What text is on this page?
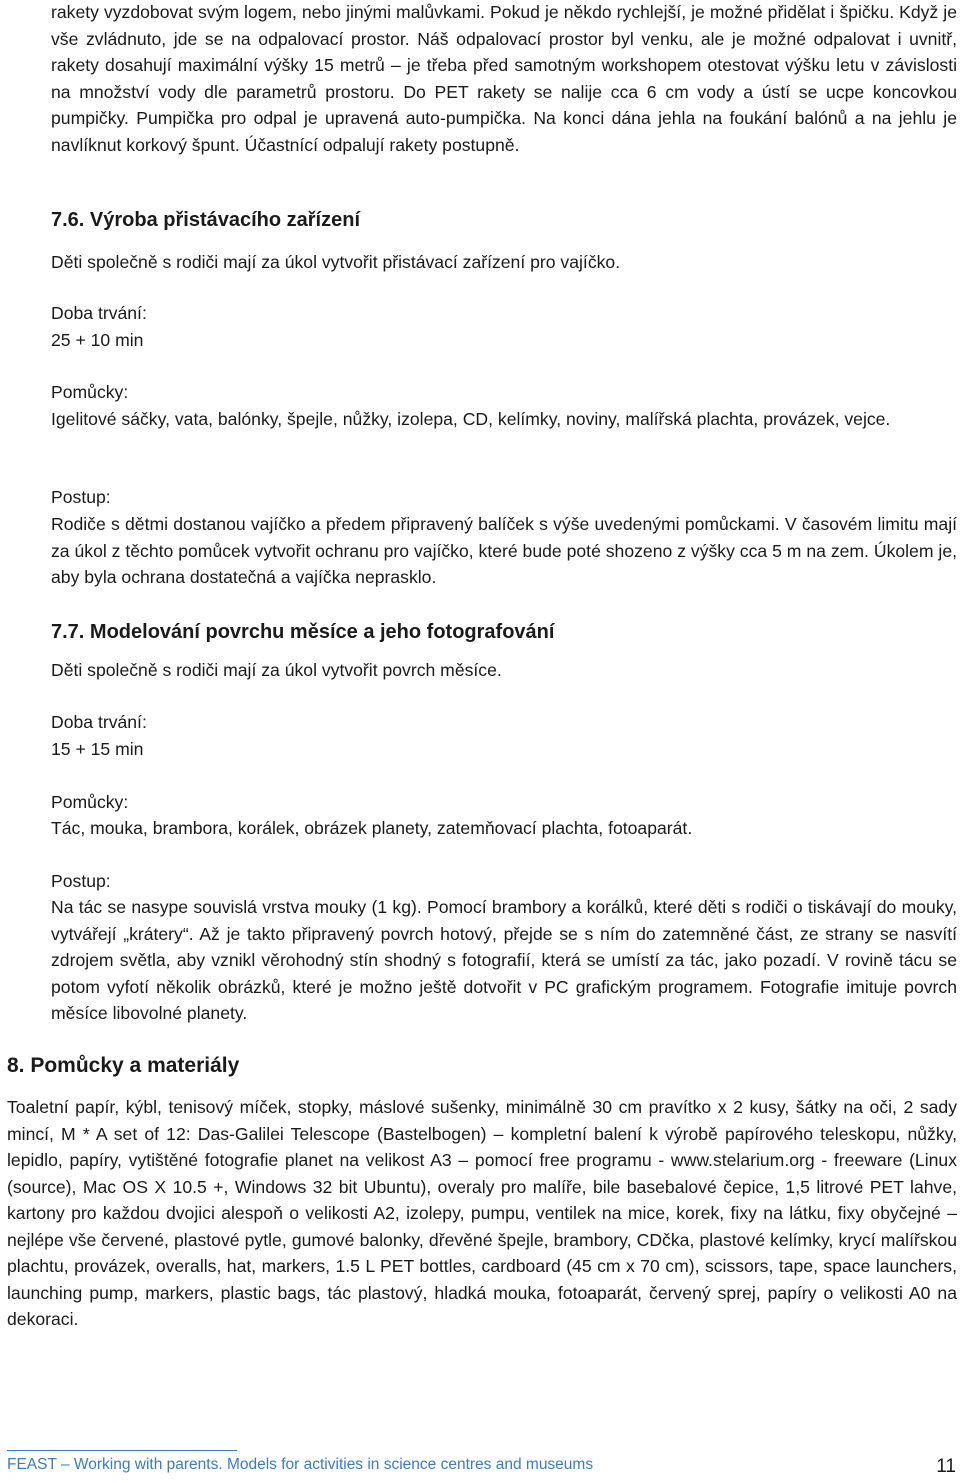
rakety vyzdobovat svým logem, nebo jinými malůvkami. Pokud je někdo rychlejší, je možné přidělat i špičku. Když je vše zvládnuto, jde se na odpalovací prostor. Náš odpalovací prostor byl venku, ale je možné odpalovat i uvnitř, rakety dosahují maximální výšky 15 metrů – je třeba před samotným workshopem otestovat výšku letu v závislosti na množství vody dle parametrů prostoru. Do PET rakety se nalije cca 6 cm vody a ústí se ucpe koncovkou pumpičky. Pumpička pro odpal je upravená auto-pumpička. Na konci dána jehla na foukání balónů a na jehlu je navlíknut korkový špunt. Účastnící odpalují rakety postupně.

7.6. Výroba přistávacího zařízení

Děti společně s rodiči mají za úkol vytvořit přistávací zařízení pro vajíčko.

Doba trvání:

25 + 10 min

Pomůcky:

Igelitové sáčky, vata, balónky, špejle, nůžky, izolepa, CD, kelímky, noviny, malířská plachta, provázek, vejce.

Postup:

Rodiče s dětmi dostanou vajíčko a předem připravený balíček s výše uvedenými pomůckami. V časovém limitu mají za úkol z těchto pomůcek vytvořit ochranu pro vajíčko, které bude poté shozeno z výšky cca 5 m na zem. Úkolem je, aby byla ochrana dostatečná a vajíčka neprasklo.

7.7. Modelování povrchu měsíce a jeho fotografování

Děti společně s rodiči mají za úkol vytvořit povrch měsíce.

Doba trvání:

15 + 15 min

Pomůcky:

Tác, mouka, brambora, korálek, obrázek planety, zatemňovací plachta, fotoaparát.

Postup:

Na tác se nasype souvislá vrstva mouky (1 kg). Pomocí brambory a korálků, které děti s rodiči o tiskávají do mouky, vytvářejí „krátery“. Až je takto připravený povrch hotový, přejde se s ním do zatemněné část, ze strany se nasvítí zdrojem světla, aby vznikl věrohodný stín shodný s fotografií, která se umístí za tác, jako pozadí. V rovině tácu se potom vyfotí několik obrázků, které je možno ještě dotvořit v PC grafickým programem. Fotografie imituje povrch měsíce libovolné planety.

8. Pomůcky a materiály

Toaletní papír, kýbl, tenisový míček, stopky, máslové sušenky, minimálně 30 cm pravítko x 2 kusy, šátky na oči, 2 sady mincí, M * A set of 12: Das-Galilei Telescope (Bastelbogen) – kompletní balení k výrobě papírového teleskopu, nůžky, lepidlo, papíry, vytištěné fotografie planet na velikost A3 – pomocí free programu - www.stelarium.org - freeware (Linux (source), Mac OS X 10.5 +, Windows 32 bit Ubuntu), overaly pro malíře, bile basebalové čepice, 1,5 litrové PET lahve, kartony pro každou dvojici alespoň o velikosti A2, izolepy, pumpu, ventilek na mice, korek, fixy na látku, fixy obyčejné – nejlépe vše červené, plastové pytle, gumové balonky, dřevěné špejle, brambory, CDčka, plastové kelímky, krycí malířskou plachtu, provázek, overalls, hat, markers, 1.5 L PET bottles, cardboard (45 cm x 70 cm), scissors, tape, space launchers, launching pump, markers, plastic bags, tác plastový, hladká mouka, fotoaparát, červený sprej, papíry o velikosti A0 na dekoraci.

FEAST – Working with parents. Models for activities in science centres and museums	11
